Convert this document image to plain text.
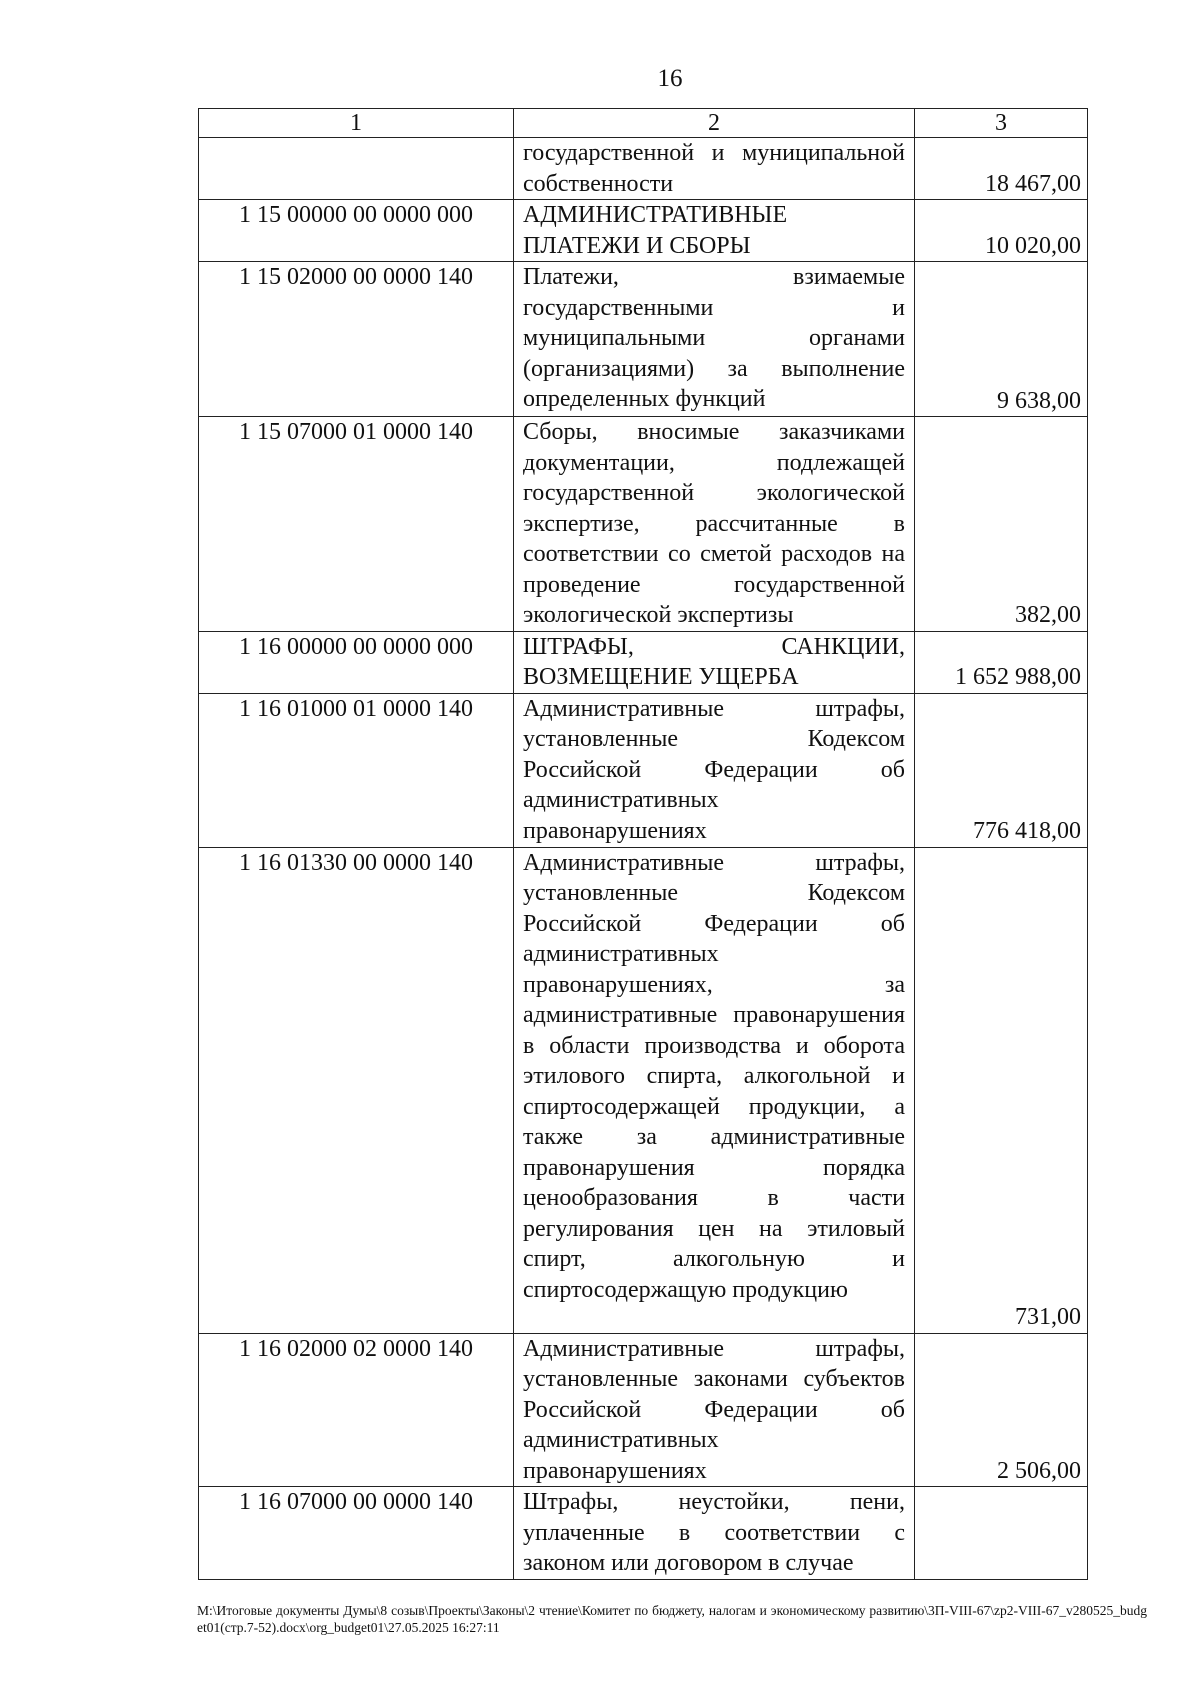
16
1	2	3
	государственной и муниципальной собственности	18 467,00
1 15 00000 00 0000 000	АДМИНИСТРАТИВНЫЕ ПЛАТЕЖИ И СБОРЫ	10 020,00
1 15 02000 00 0000 140	Платежи, взимаемые государственными и муниципальными органами (организациями) за выполнение определенных функций	9 638,00
1 15 07000 01 0000 140	Сборы, вносимые заказчиками документации, подлежащей государственной экологической экспертизе, рассчитанные в соответствии со сметой расходов на проведение государственной экологической экспертизы	382,00
1 16 00000 00 0000 000	ШТРАФЫ, САНКЦИИ, ВОЗМЕЩЕНИЕ УЩЕРБА	1 652 988,00
1 16 01000 01 0000 140	Административные штрафы, установленные Кодексом Российской Федерации об административных правонарушениях	776 418,00
1 16 01330 00 0000 140	Административные штрафы, установленные Кодексом Российской Федерации об административных правонарушениях, за административные правонарушения в области производства и оборота этилового спирта, алкогольной и спиртосодержащей продукции, а также за административные правонарушения порядка ценообразования в части регулирования цен на этиловый спирт, алкогольную и спиртосодержащую продукцию	731,00
1 16 02000 02 0000 140	Административные штрафы, установленные законами субъектов Российской Федерации об административных правонарушениях	2 506,00
1 16 07000 00 0000 140	Штрафы, неустойки, пени, уплаченные в соответствии с законом или договором в случае	
М:\Итоговые документы Думы\8 созыв\Проекты\Законы\2 чтение\Комитет по бюджету, налогам и экономическому развитию\3П-VIII-67\zp2-VIII-67_v280525_budget01(стр.7-52).docx\org_budget01\27.05.2025 16:27:11
